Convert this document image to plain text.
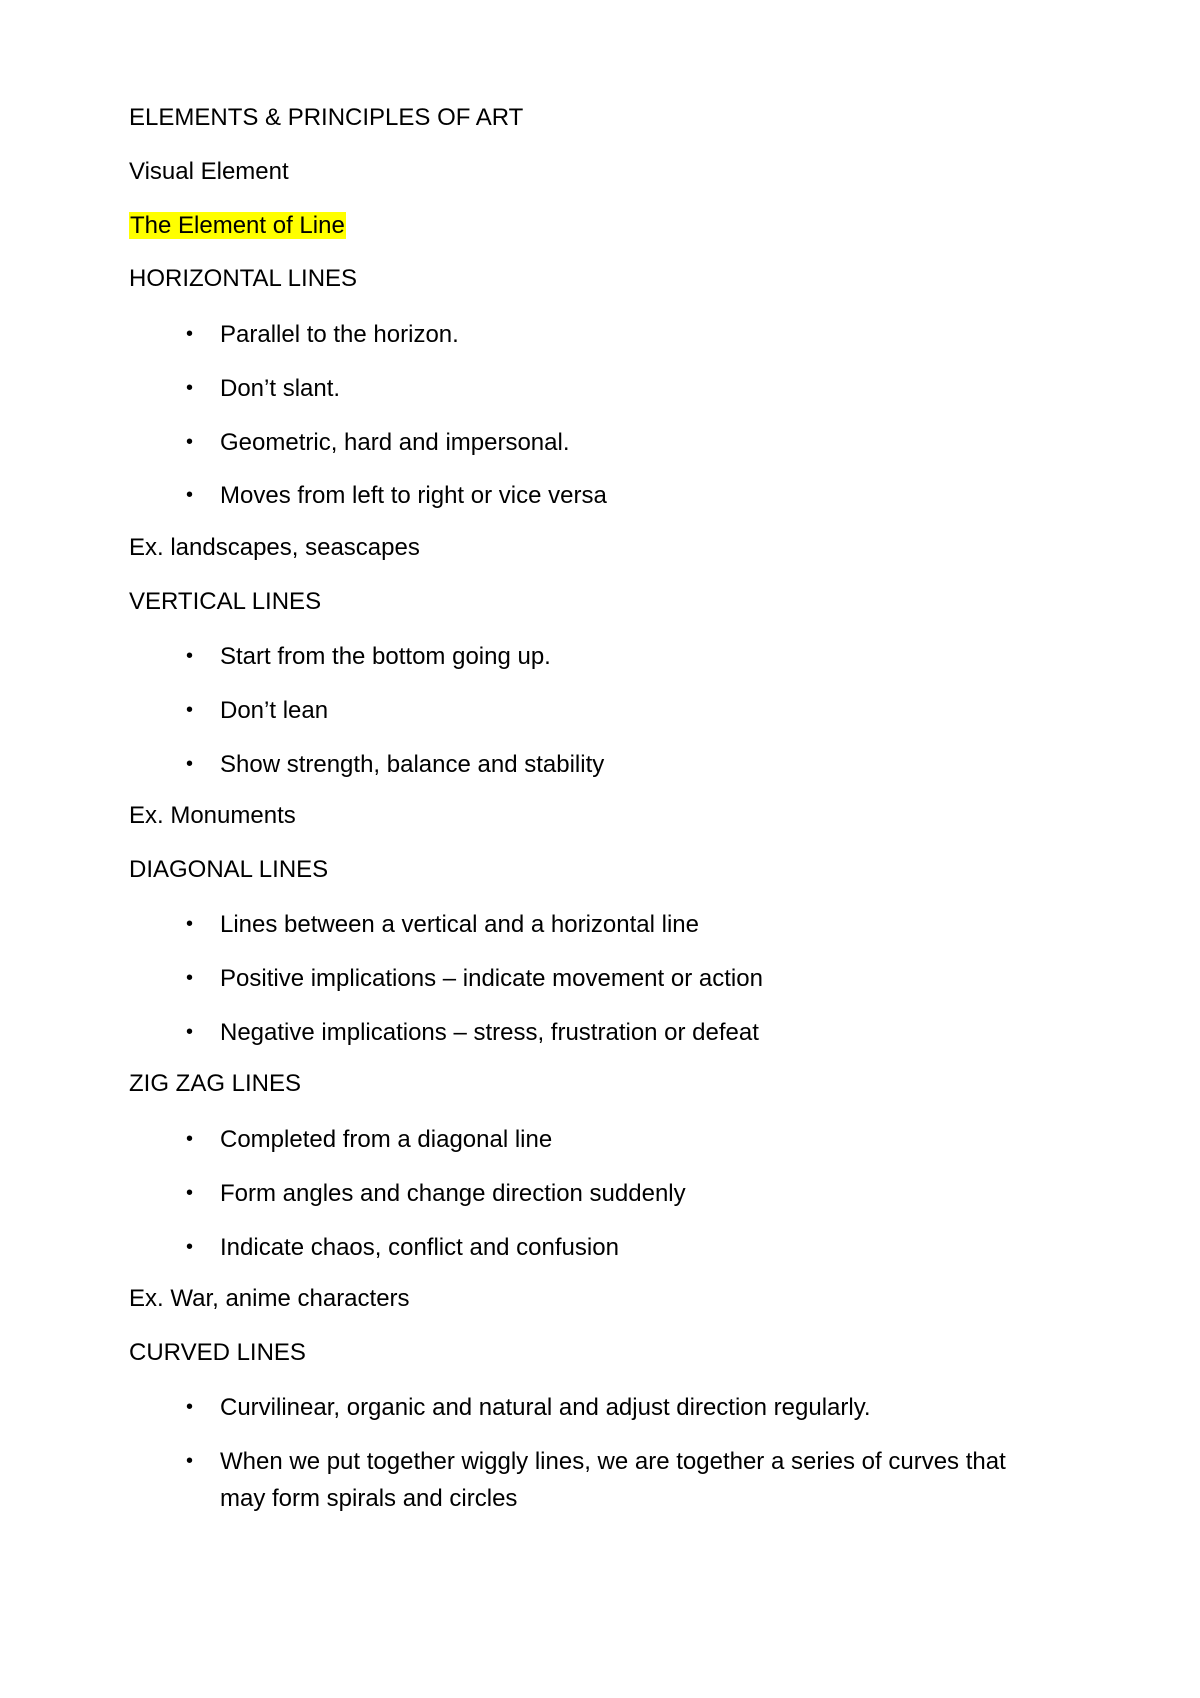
ELEMENTS & PRINCIPLES OF ART
Visual Element
The Element of Line
HORIZONTAL LINES
• Parallel to the horizon.
• Don’t slant.
• Geometric, hard and impersonal.
• Moves from left to right or vice versa
Ex. landscapes, seascapes
VERTICAL LINES
• Start from the bottom going up.
• Don’t lean
• Show strength, balance and stability
Ex. Monuments
DIAGONAL LINES
• Lines between a vertical and a horizontal line
• Positive implications – indicate movement or action
• Negative implications – stress, frustration or defeat
ZIG ZAG LINES
• Completed from a diagonal line
• Form angles and change direction suddenly
• Indicate chaos, conflict and confusion
Ex. War, anime characters
CURVED LINES
• Curvilinear, organic and natural and adjust direction regularly.
• When we put together wiggly lines, we are together a series of curves that may form spirals and circles
